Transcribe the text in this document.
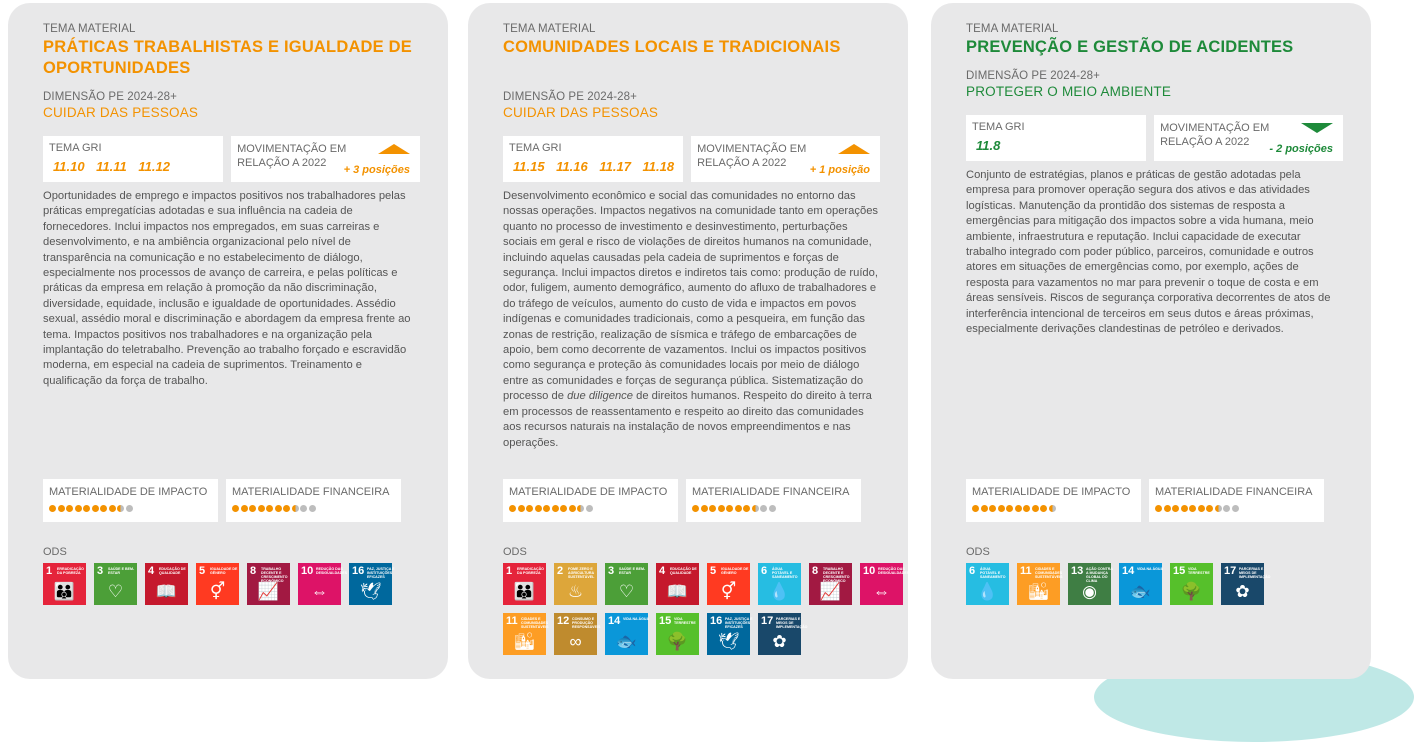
TEMA MATERIAL
PRÁTICAS TRABALHISTAS E IGUALDADE DE OPORTUNIDADES
DIMENSÃO PE 2024-28+
CUIDAR DAS PESSOAS
TEMA GRI
11.10 11.11 11.12
MOVIMENTAÇÃO EM RELAÇÃO A 2022
+ 3 posições

Oportunidades de emprego e impactos positivos nos trabalhadores pelas práticas empregatícias adotadas e sua influência na cadeia de fornecedores. Inclui impactos nos empregados, em suas carreiras e desenvolvimento, e na ambiência organizacional pelo nível de transparência na comunicação e no estabelecimento de diálogo, especialmente nos processos de avanço de carreira, e pelas políticas e práticas da empresa em relação à promoção da não discriminação, diversidade, equidade, inclusão e igualdade de oportunidades. Assédio sexual, assédio moral e discriminação e abordagem da empresa frente ao tema. Impactos positivos nos trabalhadores e na organização pela implantação do teletrabalho. Prevenção ao trabalho forçado e escravidão moderna, em especial na cadeia de suprimentos. Treinamento e qualificação da força de trabalho.

MATERIALIDADE DE IMPACTO	MATERIALIDADE FINANCEIRA
ODS
1 ERRADICAÇÃO DA POBREZA
👪
3 SAÚDE E BEM-ESTAR
♡
4 EDUCAÇÃO DE QUALIDADE
📖
5 IGUALDADE DE GÊNERO
⚥
8 TRABALHO DECENTE E CRESCIMENTO ECONÔMICO
📈
10 REDUÇÃO DAS DESIGUALDADES
⇔
16 PAZ, JUSTIÇA E INSTITUIÇÕES EFICAZES
🕊
TEMA MATERIAL
COMUNIDADES LOCAIS E TRADICIONAIS
DIMENSÃO PE 2024-28+
CUIDAR DAS PESSOAS
TEMA GRI
11.15 11.16 11.17 11.18
MOVIMENTAÇÃO EM RELAÇÃO A 2022
+ 1 posição

Desenvolvimento econômico e social das comunidades no entorno das nossas operações. Impactos negativos na comunidade tanto em operações quanto no processo de investimento e desinvestimento, perturbações sociais em geral e risco de violações de direitos humanos na comunidade, incluindo aquelas causadas pela cadeia de suprimentos e forças de segurança. Inclui impactos diretos e indiretos tais como: produção de ruído, odor, fuligem, aumento demográfico, aumento do afluxo de trabalhadores e do tráfego de veículos, aumento do custo de vida e impactos em povos indígenas e comunidades tradicionais, como a pesqueira, em função das zonas de restrição, realização de sísmica e tráfego de embarcações de apoio, bem como decorrente de vazamentos. Inclui os impactos positivos como segurança e proteção às comunidades locais por meio de diálogo entre as comunidades e forças de segurança pública. Sistematização do processo de due diligence de direitos humanos. Respeito do direito à terra em processos de reassentamento e respeito ao direito das comunidades aos recursos naturais na instalação de novos empreendimentos e nas operações.

MATERIALIDADE DE IMPACTO	MATERIALIDADE FINANCEIRA
ODS
1 ERRADICAÇÃO DA POBREZA
👪
2 FOME ZERO E AGRICULTURA SUSTENTÁVEL
♨
3 SAÚDE E BEM-ESTAR
♡
4 EDUCAÇÃO DE QUALIDADE
📖
5 IGUALDADE DE GÊNERO
⚥
6 ÁGUA POTÁVEL E SANEAMENTO
💧
8 TRABALHO DECENTE E CRESCIMENTO ECONÔMICO
📈
10 REDUÇÃO DAS DESIGUALDADES
⇔
11 CIDADES E COMUNIDADES SUSTENTÁVEIS
🏙
12 CONSUMO E PRODUÇÃO RESPONSÁVEIS
∞
14 VIDA NA ÁGUA
🐟
15 VIDA TERRESTRE
🌳
16 PAZ, JUSTIÇA E INSTITUIÇÕES EFICAZES
🕊
17 PARCERIAS E MEIOS DE IMPLEMENTAÇÃO
✿
TEMA MATERIAL
PREVENÇÃO E GESTÃO DE ACIDENTES
DIMENSÃO PE 2024-28+
PROTEGER O MEIO AMBIENTE
TEMA GRI
11.8
MOVIMENTAÇÃO EM RELAÇÃO A 2022
- 2 posições

Conjunto de estratégias, planos e práticas de gestão adotadas pela empresa para promover operação segura dos ativos e das atividades logísticas. Manutenção da prontidão dos sistemas de resposta a emergências para mitigação dos impactos sobre a vida humana, meio ambiente, infraestrutura e reputação. Inclui capacidade de executar trabalho integrado com poder público, parceiros, comunidade e outros atores em situações de emergências como, por exemplo, ações de resposta para vazamentos no mar para prevenir o toque de costa e em áreas sensíveis. Riscos de segurança corporativa decorrentes de atos de interferência intencional de terceiros em seus dutos e áreas próximas, especialmente derivações clandestinas de petróleo e derivados.

MATERIALIDADE DE IMPACTO	MATERIALIDADE FINANCEIRA
ODS
6 ÁGUA POTÁVEL E SANEAMENTO
💧
11 CIDADES E COMUNIDADES SUSTENTÁVEIS
🏙
13 AÇÃO CONTRA A MUDANÇA GLOBAL DO CLIMA
◉
14 VIDA NA ÁGUA
🐟
15 VIDA TERRESTRE
🌳
17 PARCERIAS E MEIOS DE IMPLEMENTAÇÃO
✿
